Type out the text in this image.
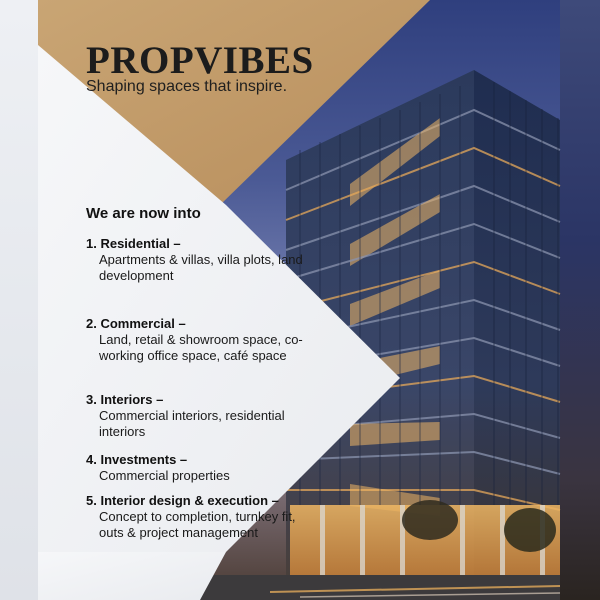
PROPVIBES

Shaping spaces that inspire.

We are now into

1. Residential –
Apartments & villas, villa plots, land development
2. Commercial –
Land, retail & showroom space, co-working office space, café space
3. Interiors –
Commercial interiors, residential interiors
4. Investments –
Commercial properties
5. Interior design & execution –
Concept to completion, turnkey fit, outs & project management
